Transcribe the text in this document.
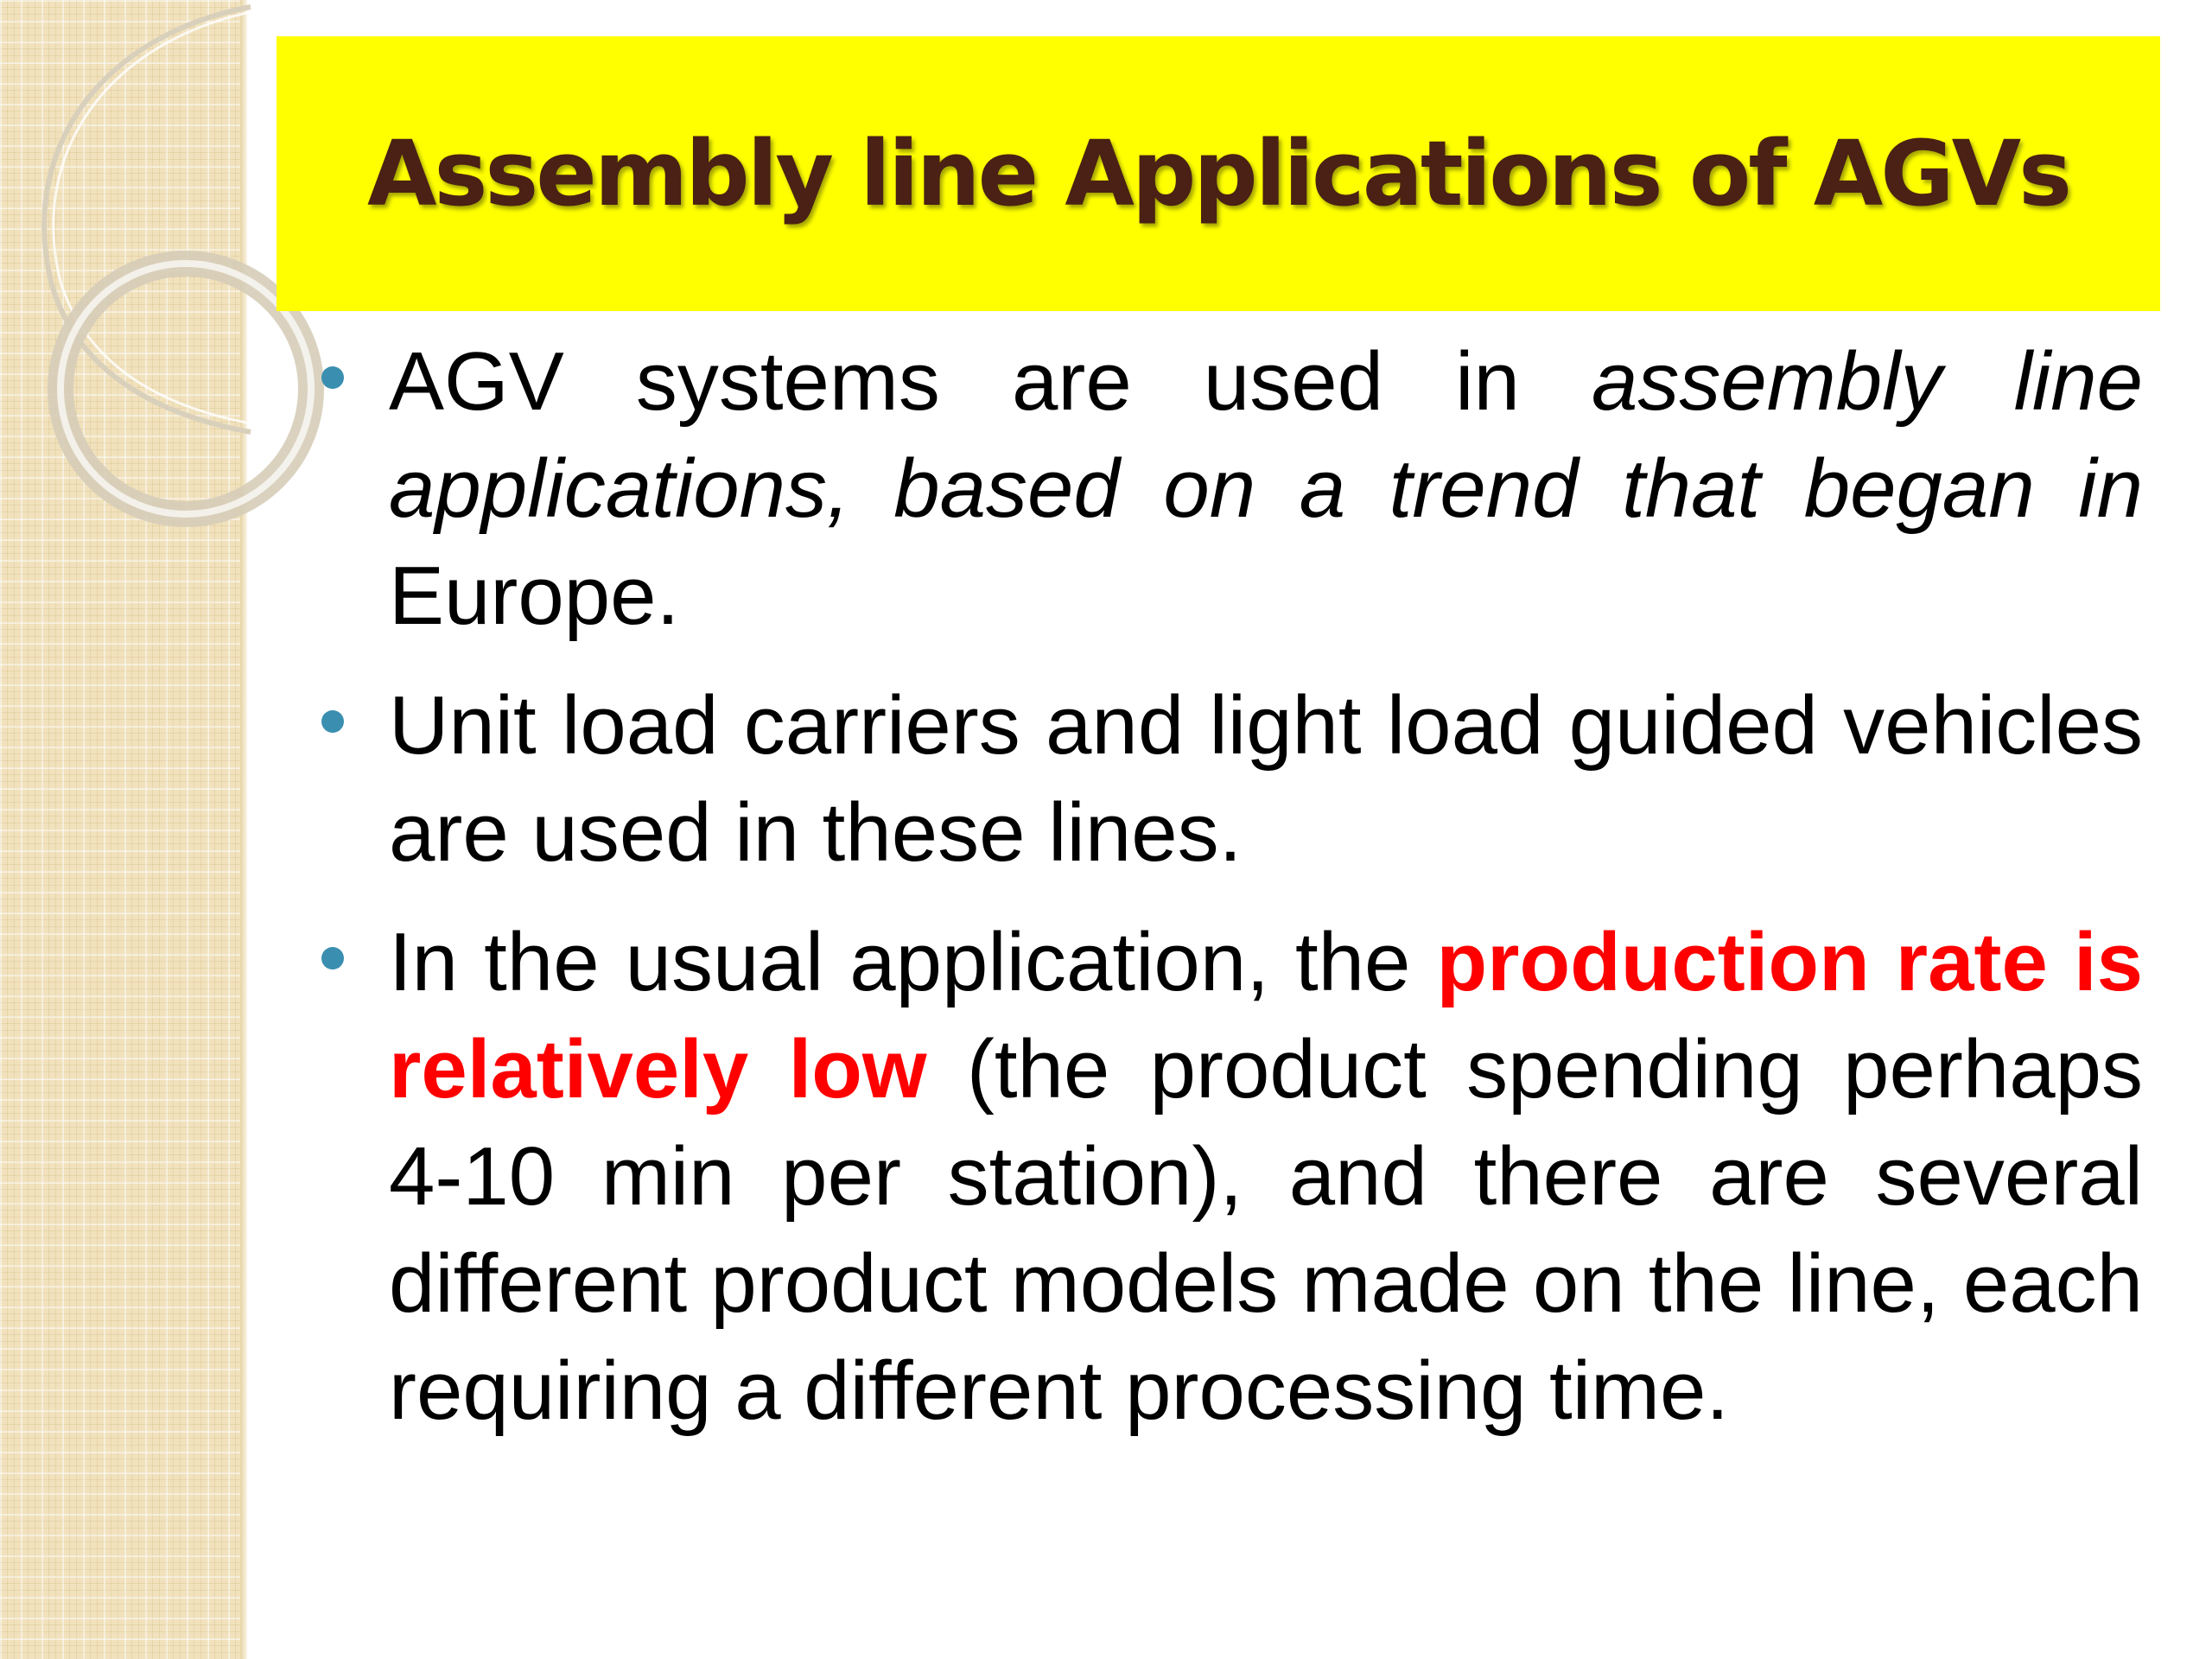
Assembly line Applications of AGVs
AGV systems are used in assembly line applications, based on a trend that began in Europe.
Unit load carriers and light load guided vehicles are used in these lines.
In the usual application, the production rate is relatively low (the product spending perhaps 4-10 min per station), and there are several different product models made on the line, each requiring a different processing time.
